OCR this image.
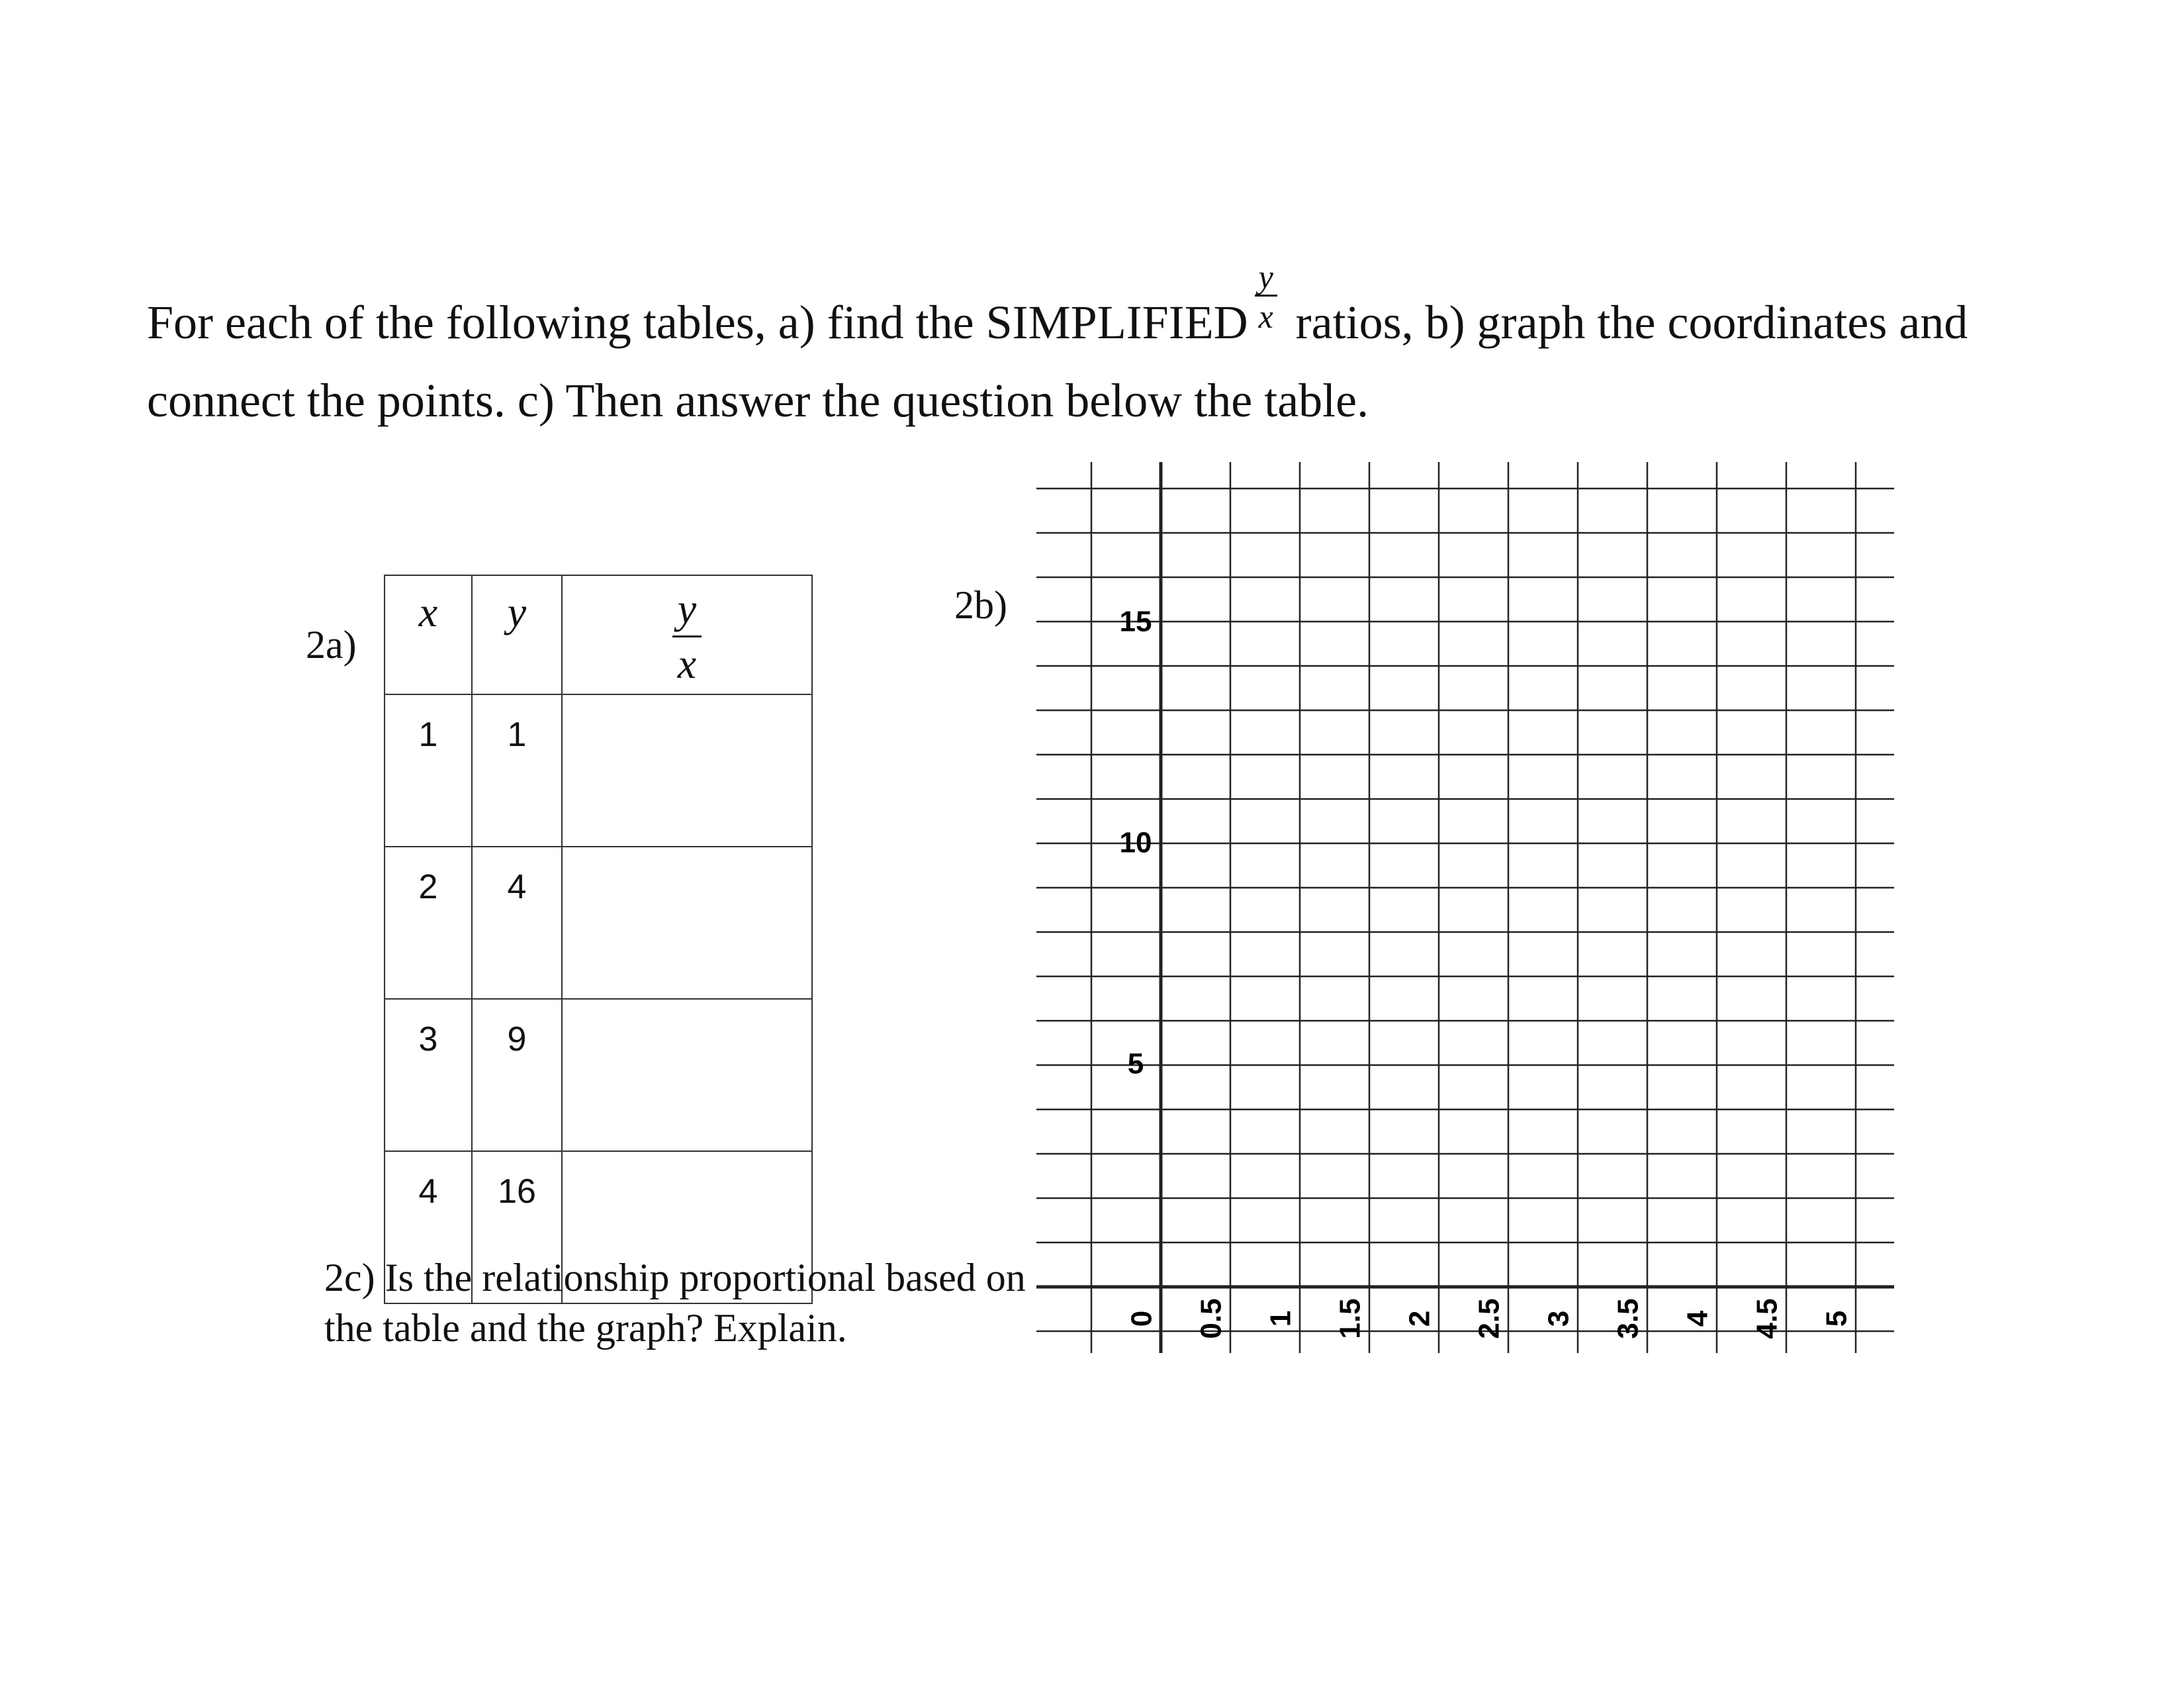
For each of the following tables, a) find the SIMPLIFIED $\frac{y}{x}$ ratios, b) graph the coordinates and connect the points. c) Then answer the question below the table.
2a)
2b)
x	y	$\frac{y}{x}$

1	1	
2	4	
3	9	
4	16	
2c) Is the relationship proportional based on the table and the graph? Explain.
15
10
5
0 0.5 1 1.5 2 2.5 3 3.5 4 4.5 5
